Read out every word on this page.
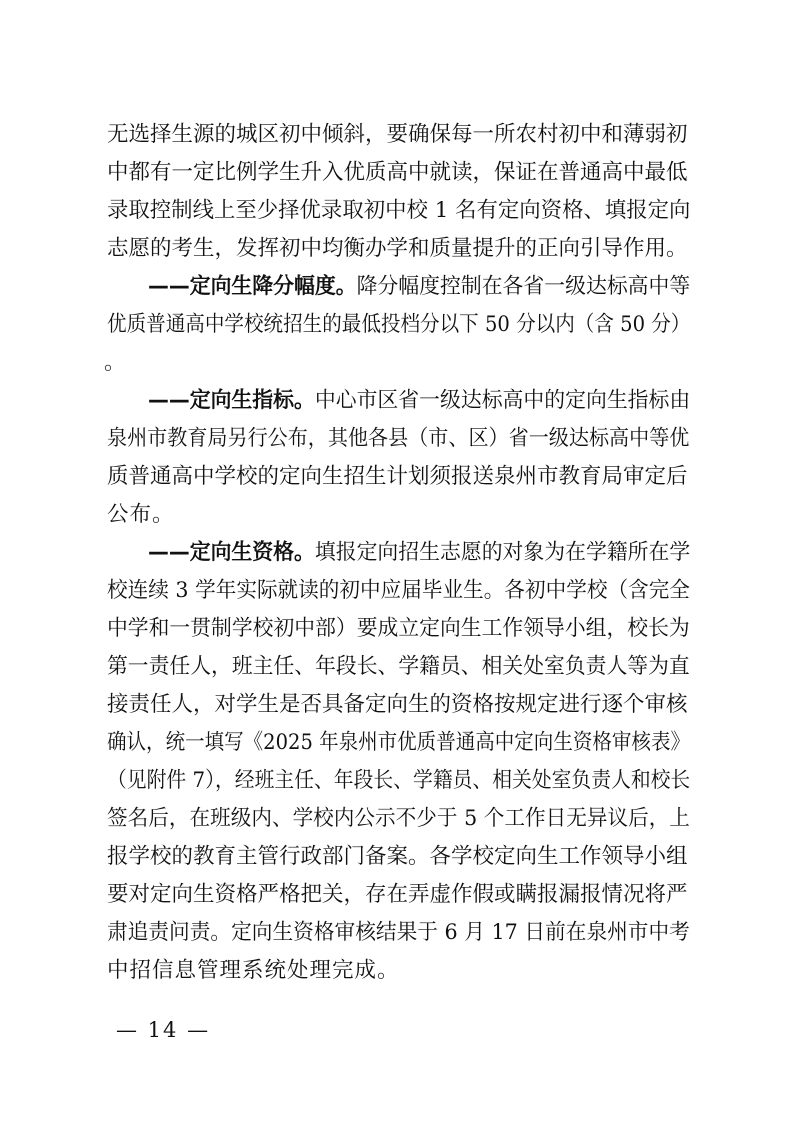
无选择生源的城区初中倾斜，要确保每一所农村初中和薄弱初
中都有一定比例学生升入优质高中就读，保证在普通高中最低
录取控制线上至少择优录取初中校 1 名有定向资格、填报定向
志愿的考生，发挥初中均衡办学和质量提升的正向引导作用。
——定向生降分幅度。降分幅度控制在各省一级达标高中等
优质普通高中学校统招生的最低投档分以下 50 分以内（含 50 分）
。
——定向生指标。中心市区省一级达标高中的定向生指标由
泉州市教育局另行公布，其他各县（市、区）省一级达标高中等优
质普通高中学校的定向生招生计划须报送泉州市教育局审定后
公布。
——定向生资格。填报定向招生志愿的对象为在学籍所在学
校连续 3 学年实际就读的初中应届毕业生。各初中学校（含完全
中学和一贯制学校初中部）要成立定向生工作领导小组，校长为
第一责任人，班主任、年段长、学籍员、相关处室负责人等为直
接责任人，对学生是否具备定向生的资格按规定进行逐个审核
确认，统一填写《2025 年泉州市优质普通高中定向生资格审核表》
（见附件 7），经班主任、年段长、学籍员、相关处室负责人和校长
签名后，在班级内、学校内公示不少于 5 个工作日无异议后，上
报学校的教育主管行政部门备案。各学校定向生工作领导小组
要对定向生资格严格把关，存在弄虚作假或瞒报漏报情况将严
肃追责问责。定向生资格审核结果于 6 月 17 日前在泉州市中考
中招信息管理系统处理完成。
— 14 —
